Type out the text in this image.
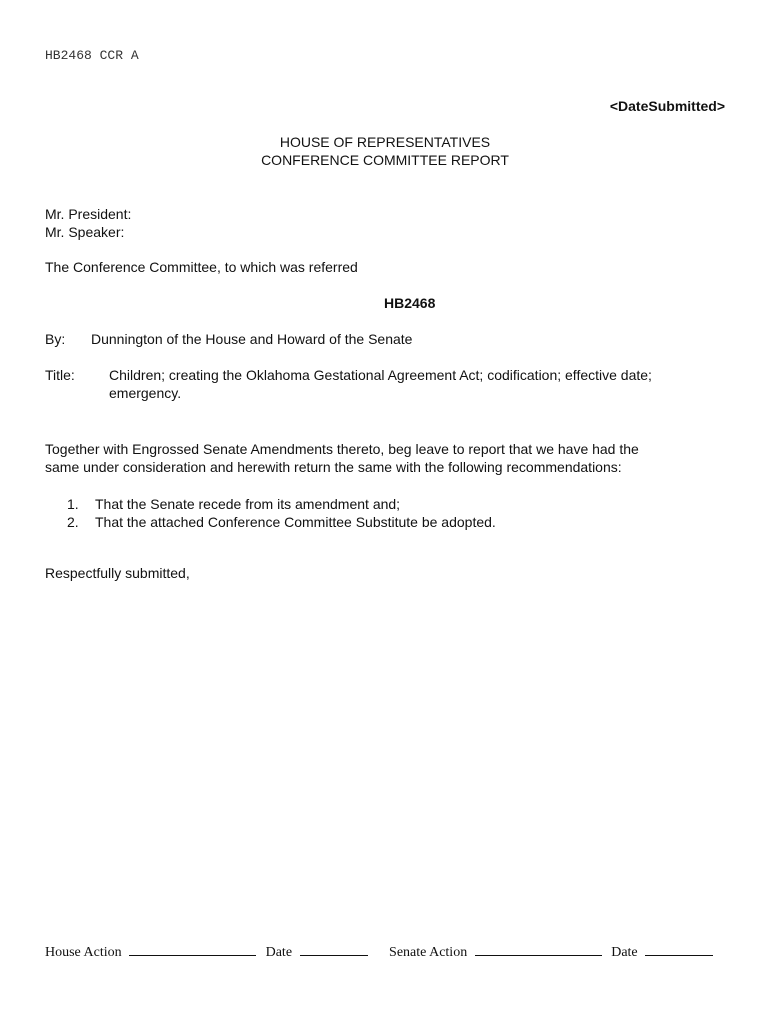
HB2468 CCR A
<DateSubmitted>
HOUSE OF REPRESENTATIVES
CONFERENCE COMMITTEE REPORT
Mr. President:
Mr. Speaker:
The Conference Committee, to which was referred
HB2468
By: Dunnington of the House and Howard of the Senate
Title: Children; creating the Oklahoma Gestational Agreement Act; codification; effective date;
emergency.
Together with Engrossed Senate Amendments thereto, beg leave to report that we have had the
same under consideration and herewith return the same with the following recommendations:
1. That the Senate recede from its amendment and;
2. That the attached Conference Committee Substitute be adopted.
Respectfully submitted,
House Action	Date	Senate Action	Date
